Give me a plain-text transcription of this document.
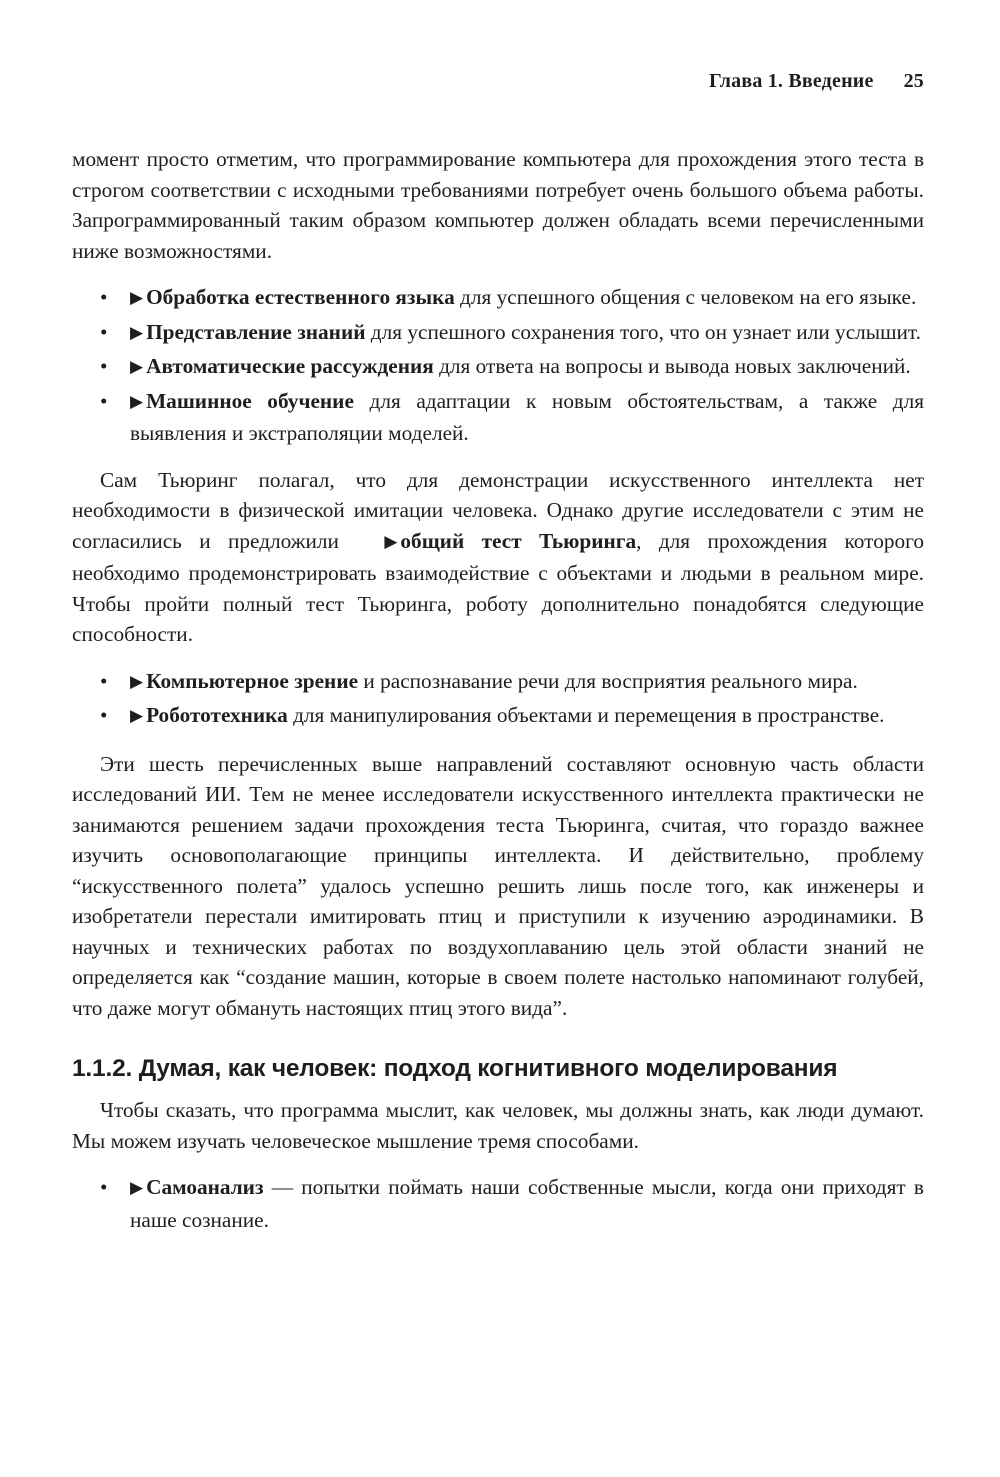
Глава 1. Введение 25

момент просто отметим, что программирование компьютера для прохождения этого теста в строгом соответствии с исходными требованиями потребует очень большого объема работы. Запрограммированный таким образом компьютер должен обладать всеми перечисленными ниже возможностями.

• ▶ Обработка естественного языка для успешного общения с человеком на его языке.
• ▶ Представление знаний для успешного сохранения того, что он узнает или услышит.
• ▶ Автоматические рассуждения для ответа на вопросы и вывода новых заключений.
• ▶ Машинное обучение для адаптации к новым обстоятельствам, а также для выявления и экстраполяции моделей.

Сам Тьюринг полагал, что для демонстрации искусственного интеллекта нет необходимости в физической имитации человека. Однако другие исследователи с этим не согласились и предложили ▶ общий тест Тьюринга, для прохождения которого необходимо продемонстрировать взаимодействие с объектами и людьми в реальном мире. Чтобы пройти полный тест Тьюринга, роботу дополнительно понадобятся следующие способности.

• ▶ Компьютерное зрение и распознавание речи для восприятия реального мира.
• ▶ Робототехника для манипулирования объектами и перемещения в пространстве.

Эти шесть перечисленных выше направлений составляют основную часть области исследований ИИ. Тем не менее исследователи искусственного интеллекта практически не занимаются решением задачи прохождения теста Тьюринга, считая, что гораздо важнее изучить основополагающие принципы интеллекта. И действительно, проблему “искусственного полета” удалось успешно решить лишь после того, как инженеры и изобретатели перестали имитировать птиц и приступили к изучению аэродинамики. В научных и технических работах по воздухоплаванию цель этой области знаний не определяется как “создание машин, которые в своем полете настолько напоминают голубей, что даже могут обмануть настоящих птиц этого вида”.

1.1.2. Думая, как человек: подход когнитивного моделирования

Чтобы сказать, что программа мыслит, как человек, мы должны знать, как люди думают. Мы можем изучать человеческое мышление тремя способами.

• ▶ Самоанализ — попытки поймать наши собственные мысли, когда они приходят в наше сознание.
